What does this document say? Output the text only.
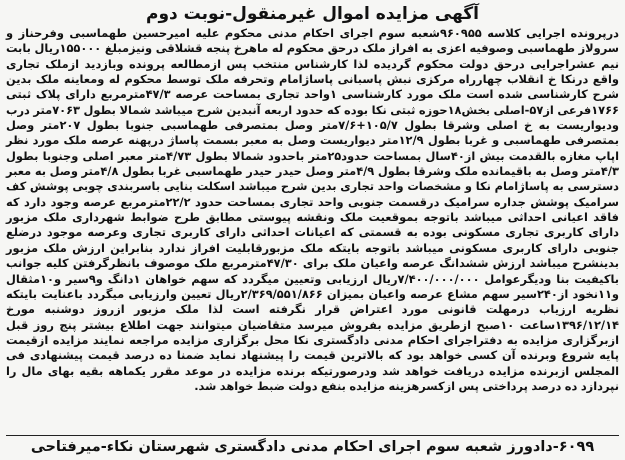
آگهی مزایده اموال غیرمنقول-نوبت دوم

درپرونده اجرایی کلاسه ۹۶۰۹۵۵شعبه سوم اجرای احکام مدنی محکوم علیه امیرحسین طهماسبی وفرحناز و سرولاز طهماسبی وصوفیه اعزی به افراز ملک درحق محکوم له ماهرخ پنجه قشلاقی ونیزمبلغ ۱۵۵۰۰۰ریال بابت نیم عشراجرایی درحق دولت محکوم گردیده لذا کارشناس منتخب پس ازمطالعه پرونده وبازدید ازملک تجاری واقع درنکا خ انقلاب چهارراه مرکزی نبش پاسبانی پاساژامام وتحرفه ملک توسط محکوم له ومعاینه ملک بدین شرح کارشناسی شده است ملک مورد کارشناسی ۱واحد تجاری بمساحت عرصه ۴۷/۳مترمربع دارای پلاک ثبتی ۱۷۶۶فرعی از۵۷-اصلی بخش۱۸حوزه ثبتی نکا بوده که حدود اربعه آنبدین شرح میباشد شمالا بطول ۷۰۶۳متر درب ودیواریست به خ اصلی وشرقا بطول ۱۰۵/۷+۷/۶متر وصل بمتصرفی طهماسبی جنوبا بطول ۲۰۷متر وصل بمتصرفی طهماسبی و غربا بطول ۱۲/۹متر دیواریست وصل به معبر بسمت پاساژ درپهنه عرصه ملک مورد نظر اپاپ مغازه بالقدمت بیش از۴۰سال بمساحت حدود۲۵متر باحدود شمالا بطول ۴/۷۳متر معبر اصلی وجنوبا بطول ۴/۳متر وصل به باقیمانده ملک وشرقا بطول ۴/۹متر وصل حیدر حیدر طهماسبی غربا بطول ۴/۸متر وصل به معبر دسترسی به پاساژامام نکا و مشخصات واحد تجاری بدین شرح میباشد اسکلت بنایی باسربندی چوبی پوشش کف سرامیک پوشش جداره سرامیک درقسمت جنوبی واحد تجاری بمساحت حدود ۲۲/۲مترمربع عرصه وجود دارد که فاقد اعیانی احداثی میباشد باتوجه بموقعیت ملک ونقشه پیوستی مطابق طرح ضوابط شهرداری ملک مزبور دارای کاربری تجاری مسکونی بوده به قسمتی که اعیانات احداثی دارای کاربری تجاری وعرصه موجود درضلع جنوبی دارای کاربری مسکونی میباشد باتوجه بایتکه ملک مزبورقابلیت افراز ندارد بنابراین ارزش ملک مزبور بدینشرح میباشد ارزش ششدانگ عرصه واعیان ملک برای ۴۷/۳۰مترمربع ملک موصوف بانظرگرفتن کلیه جوانب باکیفیت بنا ودیگرعوامل ۷/۴۰۰/۰۰۰/۰۰۰ریال ارزیابی وتعیین میگردد که سهم خواهان ۱دانگ و۹سیر و۱۰مثقال و۱۱نخود از۲۴۰سیر سهم مشاع عرصه واعیان بمیزان ۲/۳۶۹/۵۵۱/۸۶۶ریال تعیین وارزیابی میگردد باعنایت بایتکه نظریه ارزیاب درمهلت قانونی مورد اعتراض قرار نگرفته است لذا ملک مزبور ازروز دوشنبه مورخ ۱۳۹۶/۱۲/۱۴ساعت ۱۰صبح ازطریق مزایده بفروش میرسد متقاضیان میتوانند جهت اطلاع بیشتر پنج روز قبل ازبرگزاری مزایده به دفتراجرای احکام مدنی دادگستری نکا محل برگزاری مزایده مراجعه نمایند مزایده ازقیمت پایه شروع وبرنده آن کسی خواهد بود که بالاترین قیمت را پیشنهاد نماید ضمنا ده درصد قیمت پیشنهادی فی المجلس ازبرنده مزایده دریافت خواهد شد ودرصورتیکه برنده مزایده در موعد مقرر یکماهه بقیه بهای مال را نپردازد ده درصد پرداختی پس ازکسرهزینه مزایده بنفع دولت ضبط خواهد شد.

۶۰۹۹-دادورز شعبه سوم اجرای احکام مدنی دادگستری شهرستان نکاء-میرفتاحی
